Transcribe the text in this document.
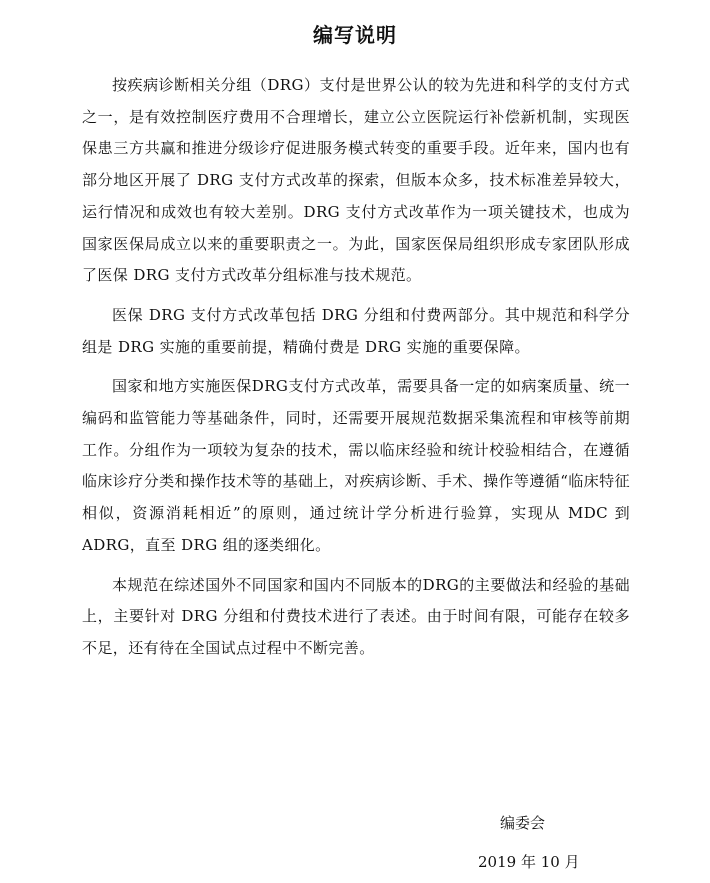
编写说明

按疾病诊断相关分组（DRG）支付是世界公认的较为先进和科学的支付方式之一，是有效控制医疗费用不合理增长，建立公立医院运行补偿新机制，实现医保患三方共赢和推进分级诊疗促进服务模式转变的重要手段。近年来，国内也有部分地区开展了 DRG 支付方式改革的探索，但版本众多，技术标准差异较大，运行情况和成效也有较大差别。DRG 支付方式改革作为一项关键技术，也成为国家医保局成立以来的重要职责之一。为此，国家医保局组织形成专家团队形成了医保 DRG 支付方式改革分组标准与技术规范。

医保 DRG 支付方式改革包括 DRG 分组和付费两部分。其中规范和科学分组是 DRG 实施的重要前提，精确付费是 DRG 实施的重要保障。

国家和地方实施医保DRG支付方式改革，需要具备一定的如病案质量、统一编码和监管能力等基础条件，同时，还需要开展规范数据采集流程和审核等前期工作。分组作为一项较为复杂的技术，需以临床经验和统计校验相结合，在遵循临床诊疗分类和操作技术等的基础上，对疾病诊断、手术、操作等遵循“临床特征相似，资源消耗相近”的原则，通过统计学分析进行验算，实现从 MDC 到 ADRG，直至 DRG 组的逐类细化。

本规范在综述国外不同国家和国内不同版本的DRG的主要做法和经验的基础上，主要针对 DRG 分组和付费技术进行了表述。由于时间有限，可能存在较多不足，还有待在全国试点过程中不断完善。

编委会
2019 年 10 月
